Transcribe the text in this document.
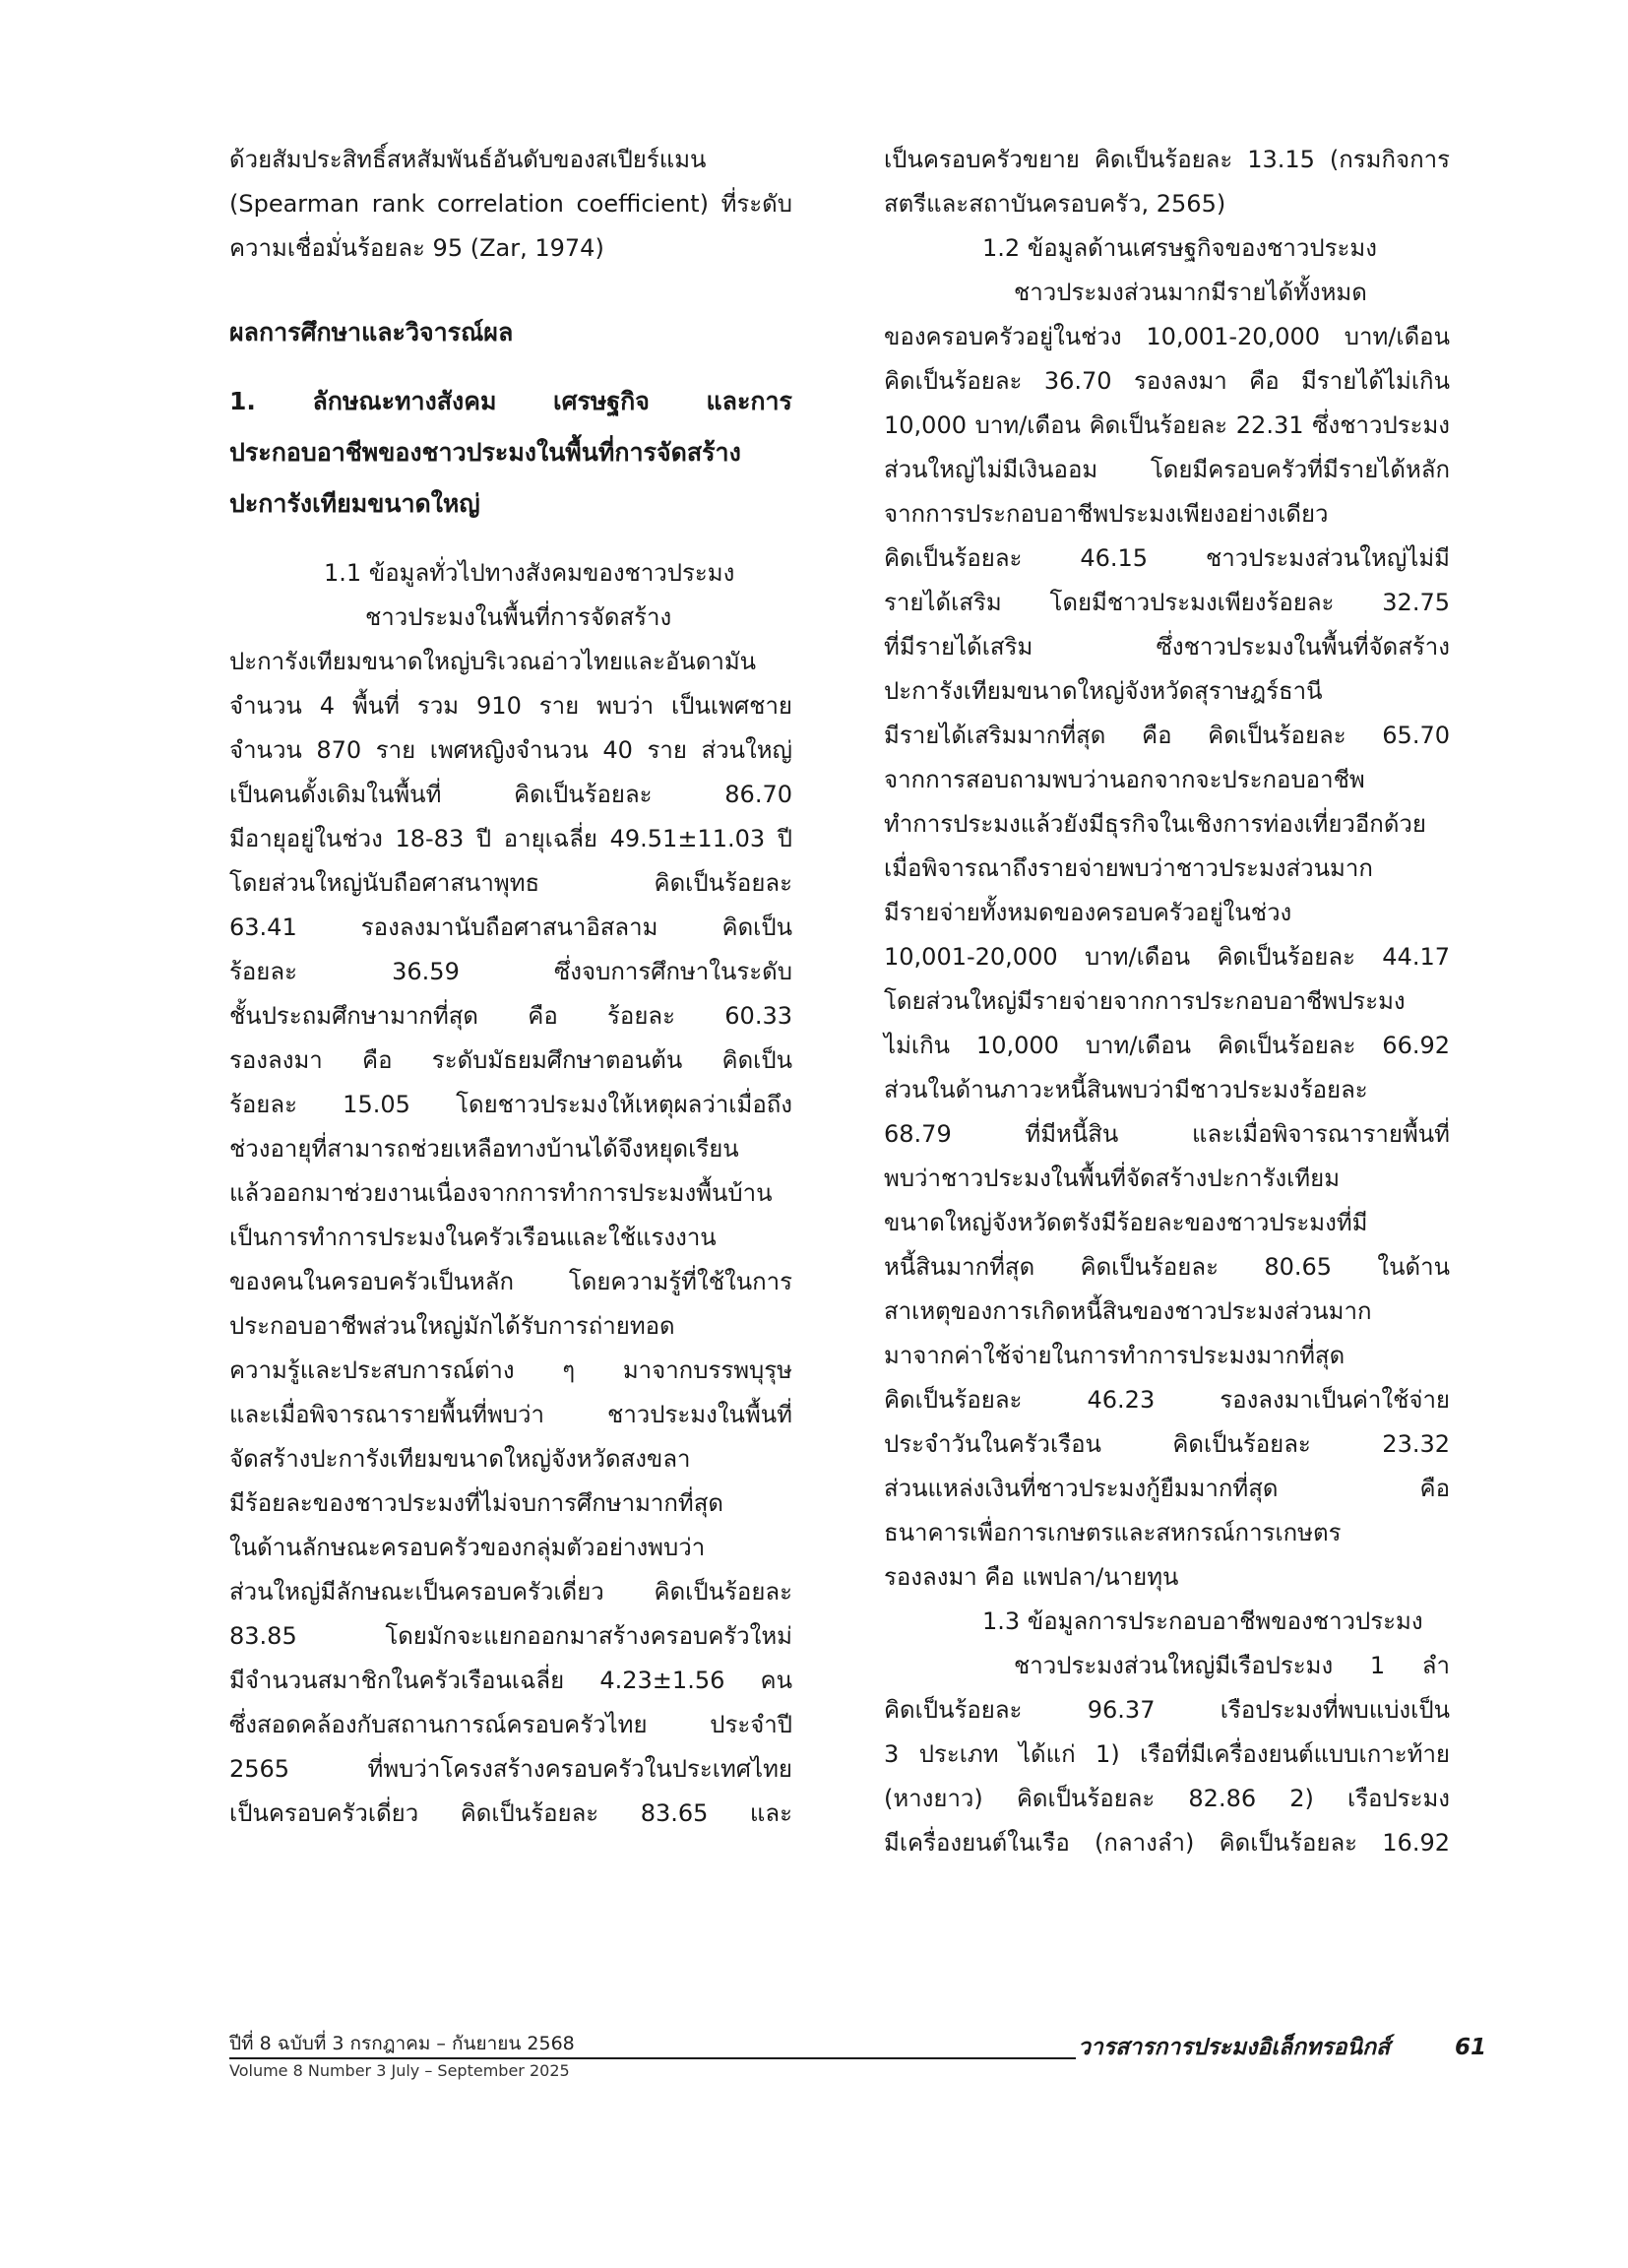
ด้วยสัมประสิทธิ์สหสัมพันธ์อันดับของสเปียร์แมน
(Spearman rank correlation coefficient) ที่ระดับ
ความเชื่อมั่นร้อยละ 95 (Zar, 1974)
ผลการศึกษาและวิจารณ์ผล
1. ลักษณะทางสังคม เศรษฐกิจ และการ
ประกอบอาชีพของชาวประมงในพื้นที่การจัดสร้าง
ปะการังเทียมขนาดใหญ่
1.1 ข้อมูลทั่วไปทางสังคมของชาวประมง
ชาวประมงในพื้นที่การจัดสร้าง
ปะการังเทียมขนาดใหญ่บริเวณอ่าวไทยและอันดามัน
จำนวน 4 พื้นที่ รวม 910 ราย พบว่า เป็นเพศชาย
จำนวน 870 ราย เพศหญิงจำนวน 40 ราย ส่วนใหญ่
เป็นคนดั้งเดิมในพื้นที่ คิดเป็นร้อยละ 86.70
มีอายุอยู่ในช่วง 18-83 ปี อายุเฉลี่ย 49.51±11.03 ปี
โดยส่วนใหญ่นับถือศาสนาพุทธ คิดเป็นร้อยละ
63.41 รองลงมานับถือศาสนาอิสลาม คิดเป็น
ร้อยละ 36.59 ซึ่งจบการศึกษาในระดับ
ชั้นประถมศึกษามากที่สุด คือ ร้อยละ 60.33
รองลงมา คือ ระดับมัธยมศึกษาตอนต้น คิดเป็น
ร้อยละ 15.05 โดยชาวประมงให้เหตุผลว่าเมื่อถึง
ช่วงอายุที่สามารถช่วยเหลือทางบ้านได้จึงหยุดเรียน
แล้วออกมาช่วยงานเนื่องจากการทำการประมงพื้นบ้าน
เป็นการทำการประมงในครัวเรือนและใช้แรงงาน
ของคนในครอบครัวเป็นหลัก โดยความรู้ที่ใช้ในการ
ประกอบอาชีพส่วนใหญ่มักได้รับการถ่ายทอด
ความรู้และประสบการณ์ต่าง ๆ มาจากบรรพบุรุษ
และเมื่อพิจารณารายพื้นที่พบว่า ชาวประมงในพื้นที่
จัดสร้างปะการังเทียมขนาดใหญ่จังหวัดสงขลา
มีร้อยละของชาวประมงที่ไม่จบการศึกษามากที่สุด
ในด้านลักษณะครอบครัวของกลุ่มตัวอย่างพบว่า
ส่วนใหญ่มีลักษณะเป็นครอบครัวเดี่ยว คิดเป็นร้อยละ
83.85 โดยมักจะแยกออกมาสร้างครอบครัวใหม่
มีจำนวนสมาชิกในครัวเรือนเฉลี่ย 4.23±1.56 คน
ซึ่งสอดคล้องกับสถานการณ์ครอบครัวไทย ประจำปี
2565 ที่พบว่าโครงสร้างครอบครัวในประเทศไทย
เป็นครอบครัวเดี่ยว คิดเป็นร้อยละ 83.65 และ
เป็นครอบครัวขยาย คิดเป็นร้อยละ 13.15 (กรมกิจการ
สตรีและสถาบันครอบครัว, 2565)
1.2 ข้อมูลด้านเศรษฐกิจของชาวประมง
ชาวประมงส่วนมากมีรายได้ทั้งหมด
ของครอบครัวอยู่ในช่วง 10,001-20,000 บาท/เดือน
คิดเป็นร้อยละ 36.70 รองลงมา คือ มีรายได้ไม่เกิน
10,000 บาท/เดือน คิดเป็นร้อยละ 22.31 ซึ่งชาวประมง
ส่วนใหญ่ไม่มีเงินออม โดยมีครอบครัวที่มีรายได้หลัก
จากการประกอบอาชีพประมงเพียงอย่างเดียว
คิดเป็นร้อยละ 46.15 ชาวประมงส่วนใหญ่ไม่มี
รายได้เสริม โดยมีชาวประมงเพียงร้อยละ 32.75
ที่มีรายได้เสริม ซึ่งชาวประมงในพื้นที่จัดสร้าง
ปะการังเทียมขนาดใหญ่จังหวัดสุราษฎร์ธานี
มีรายได้เสริมมากที่สุด คือ คิดเป็นร้อยละ 65.70
จากการสอบถามพบว่านอกจากจะประกอบอาชีพ
ทำการประมงแล้วยังมีธุรกิจในเชิงการท่องเที่ยวอีกด้วย
เมื่อพิจารณาถึงรายจ่ายพบว่าชาวประมงส่วนมาก
มีรายจ่ายทั้งหมดของครอบครัวอยู่ในช่วง
10,001-20,000 บาท/เดือน คิดเป็นร้อยละ 44.17
โดยส่วนใหญ่มีรายจ่ายจากการประกอบอาชีพประมง
ไม่เกิน 10,000 บาท/เดือน คิดเป็นร้อยละ 66.92
ส่วนในด้านภาวะหนี้สินพบว่ามีชาวประมงร้อยละ
68.79 ที่มีหนี้สิน และเมื่อพิจารณารายพื้นที่
พบว่าชาวประมงในพื้นที่จัดสร้างปะการังเทียม
ขนาดใหญ่จังหวัดตรังมีร้อยละของชาวประมงที่มี
หนี้สินมากที่สุด คิดเป็นร้อยละ 80.65 ในด้าน
สาเหตุของการเกิดหนี้สินของชาวประมงส่วนมาก
มาจากค่าใช้จ่ายในการทำการประมงมากที่สุด
คิดเป็นร้อยละ 46.23 รองลงมาเป็นค่าใช้จ่าย
ประจำวันในครัวเรือน คิดเป็นร้อยละ 23.32
ส่วนแหล่งเงินที่ชาวประมงกู้ยืมมากที่สุด คือ
ธนาคารเพื่อการเกษตรและสหกรณ์การเกษตร
รองลงมา คือ แพปลา/นายทุน
1.3 ข้อมูลการประกอบอาชีพของชาวประมง
ชาวประมงส่วนใหญ่มีเรือประมง 1 ลำ
คิดเป็นร้อยละ 96.37 เรือประมงที่พบแบ่งเป็น
3 ประเภท ได้แก่ 1) เรือที่มีเครื่องยนต์แบบเกาะท้าย
(หางยาว) คิดเป็นร้อยละ 82.86 2) เรือประมง
มีเครื่องยนต์ในเรือ (กลางลำ) คิดเป็นร้อยละ 16.92
ปีที่ 8 ฉบับที่ 3 กรกฎาคม – กันยายน 2568
Volume 8 Number 3 July – September 2025
วารสารการประมงอิเล็กทรอนิกส์	61
